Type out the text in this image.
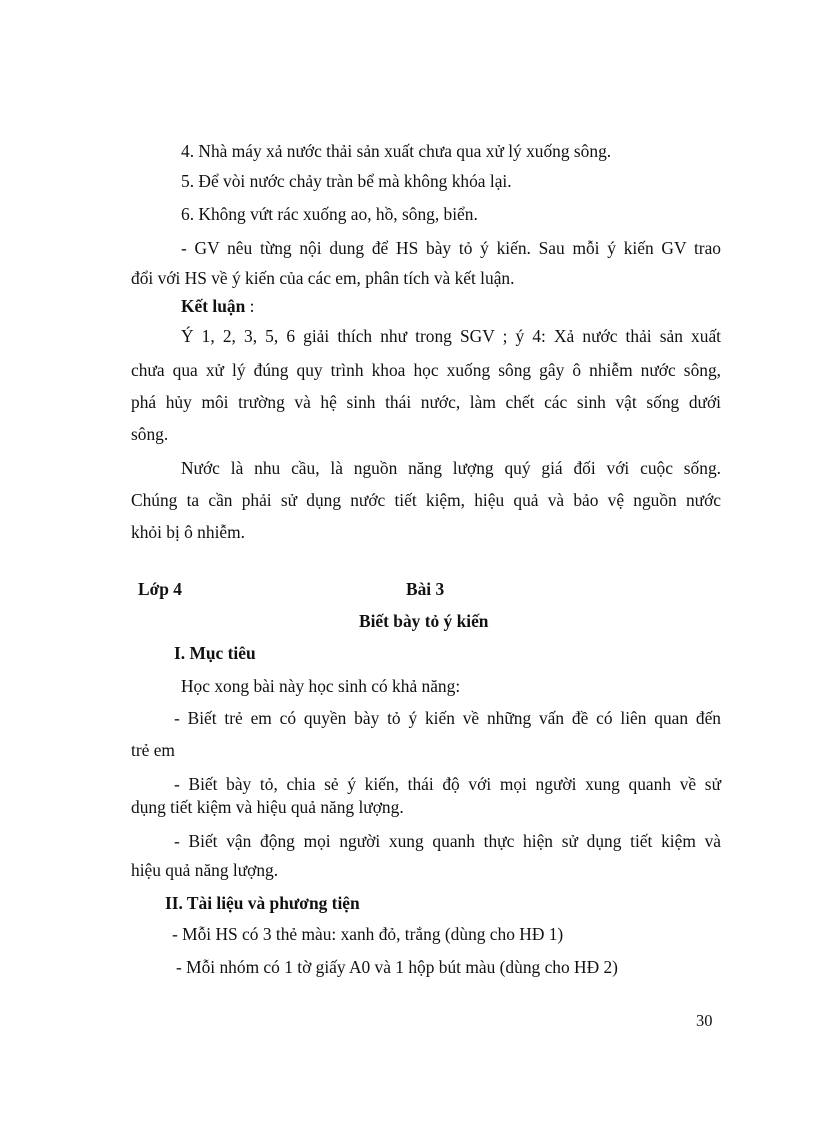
4. Nhà máy xả nước thải sản xuất chưa qua xử lý xuống sông.
5. Để vòi nước chảy tràn bể mà không khóa lại.
6. Không vứt rác xuống ao, hồ, sông, biển.
- GV nêu từng nội dung để HS bày tỏ ý kiến. Sau mỗi ý kiến GV trao
đổi với HS về ý kiến của các em, phân tích và kết luận.
Kết luận :
Ý 1, 2, 3, 5, 6 giải thích như trong SGV ; ý 4: Xả nước thải sản xuất
chưa qua xử lý đúng quy trình khoa học xuống sông gây ô nhiễm nước sông,
phá hủy môi trường và hệ sinh thái nước, làm chết các sinh vật sống dưới
sông.
Nước là nhu cầu, là nguồn năng lượng quý giá đối với cuộc sống.
Chúng ta cần phải sử dụng nước tiết kiệm, hiệu quả và bảo vệ nguồn nước
khỏi bị ô nhiễm.
Lớp 4	Bài 3
Biết bày tỏ ý kiến
I. Mục tiêu
Học xong bài này học sinh có khả năng:
- Biết trẻ em có quyền bày tỏ ý kiến về những vấn đề có liên quan đến
trẻ em
- Biết bày tỏ, chia sẻ ý kiến, thái độ với mọi người xung quanh về sử
dụng tiết kiệm và hiệu quả năng lượng.
- Biết vận động mọi người xung quanh thực hiện sử dụng tiết kiệm và
hiệu quả năng lượng.
II. Tài liệu và phương tiện
- Mỗi HS có 3 thẻ màu: xanh đỏ, trắng (dùng cho HĐ 1)
- Mỗi nhóm có 1 tờ giấy A0 và 1 hộp bút màu (dùng cho HĐ 2)
30
